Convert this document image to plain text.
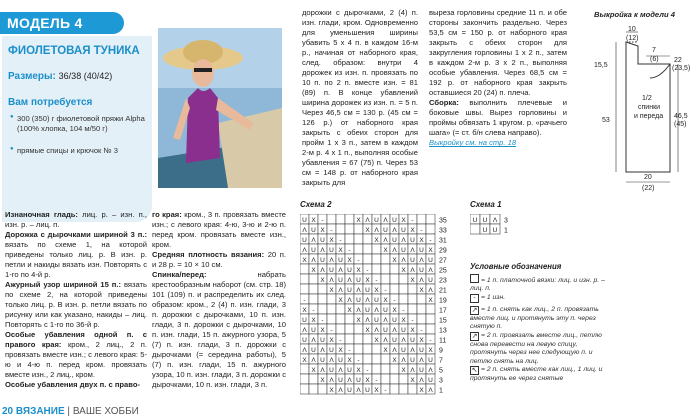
МОДЕЛЬ 4
ФИОЛЕТОВАЯ ТУНИКА
Размеры: 36/38 (40/42)
Вам потребуется
● 300 (350) г фиолетовой пряжи Alpha (100% хлопка, 104 м/50 г)
● прямые спицы и крючок № 3
дорожки с дырочками, 2 (4) п. изн. глади, кром. Одновременно для уменьшения ширины убавить 5 х 4 п. в каждом 16-м р., начиная от наборного края, след. образом: внутри 4 дорожек из изн. п. провязать по 10 п. по 2 п. вместе изн. = 81 (89) п. В конце убавлений ширина дорожек из изн. п. = 5 п. Через 46,5 см = 130 р. (45 см = 126 р.) от наборного края закрыть с обеих сторон для пройм 1 х 3 п., затем в каждом 2-м р. 4 х 1 п., выполняя особые убавления = 67 (75) п. Через 53 см = 148 р. от наборного края закрыть для
выреза горловины средние 11 п. и обе стороны закончить раздельно. Через 53,5 см = 150 р. от наборного края закрыть с обеих сторон для закругления горловины 1 х 2 п., затем в каждом 2-м р. 3 х 2 п., выполняя особые убавления. Через 68,5 см = 192 р. от наборного края закрыть оставшиеся 20 (24) п. плеча.
Сборка: выполнить плечевые и боковые швы. Вырез горловины и проймы обвязать 1 кругом. р. «рачьего шага» (= ст. б/н слева направо).
Выкройку см. на стр. 18
Выкройка к модели 4
10
(12)
7
(6)
15,5
22
(23,5)
1/2
спинки
и переда
53
46,5
(45)
20
(22)
Изнаночная гладь: лиц. р. – изн. п., изн. р. – лиц. п.
Дорожка с дырочками шириной 3 п.: вязать по схеме 1, на которой приведены только лиц. р. В изн. р. петли и накиды вязать изн. Повторять с 1-го по 4-й р.
Ажурный узор шириной 15 п.: вязать по схеме 2, на которой приведены только лиц. р. В изн. р. петли вязать по рисунку или как указано, накиды – лиц. Повторять с 1-го по 36-й р.
Особые убавления одной п. с правого края: кром., 2 лиц., 2 п. провязать вместе изн.; с левого края: 5-ю и 4-ю п. перед кром. провязать вместе изн., 2 лиц., кром.
Особые убавления двух п. с право-
го края: кром., 3 п. провязать вместе изн.; с левого края: 4-ю, 3-ю и 2-ю п. перед кром. провязать вместе изн., кром.
Средняя плотность вязания: 20 п. и 28 р. = 10 × 10 см.
Спинка/перед: набрать крестообразным наборот (см. стр. 18) 101 (109) п. и распределить их след. образом: кром., 2 (4) п. изн. глади, 3 п. дорожки с дырочками, 10 п. изн. глади, 3 п. дорожки с дырочками, 10 п. изн. глади, 15 п. ажурного узора, 5 (7) п. изн. глади, 3 п. дорожки с дырочками (= середина работы), 5 (7) п. изн. глади, 15 п. ажурного узора, 10 п. изн. глади, 3 п. дорожки с дырочками, 10 п. изн. глади, 3 п.
Схема 2
U X -	X Λ U Λ U X -	35
Λ U X -	X Λ U Λ U X - 33
U Λ U X -	X Λ U Λ U X - 31
Λ U Λ U X -	X Λ U Λ U X 29
X Λ U Λ U X -	X Λ U Λ U 27
X Λ U Λ U X -	X Λ U Λ 25
X Λ U Λ U X -	X Λ U 23
X Λ U Λ U X -	X Λ 21
-	X Λ U Λ U X -	X 19
X -	X Λ U Λ U X -	17
U X -	X Λ U Λ U X -	15
Λ U X -	X Λ U Λ U X - 13
U Λ U X -	X Λ U Λ U X - 11
Λ U Λ U X -	X Λ U Λ U X 9
X Λ U Λ U X -	X Λ U Λ U 7
X Λ U Λ U X -	X Λ U Λ 5
X Λ U Λ U X -	X Λ U 3
X Λ U Λ U X -	X Λ 1
Схема 1
U U Λ 3
U U 1
Условные обозначения
= 1 п. платочной вязки: лиц. и изн. р. – лиц. п.
- = 1 изн.
↗ = 1 п. снять как лиц., 2 п. провязать вместе лиц. и протянуть эту п. через снятую п.
↗ = 2 п. провязать вместе лиц., петлю снова перевести на левую спицу, протянуть через нее следующую п. и петлю снять на лиц.
↖ = 2 п. снять вместе как лиц., 1 лиц. и протянуть ее через снятые
20 ВЯЗАНИЕ | ВАШЕ ХОББИ
